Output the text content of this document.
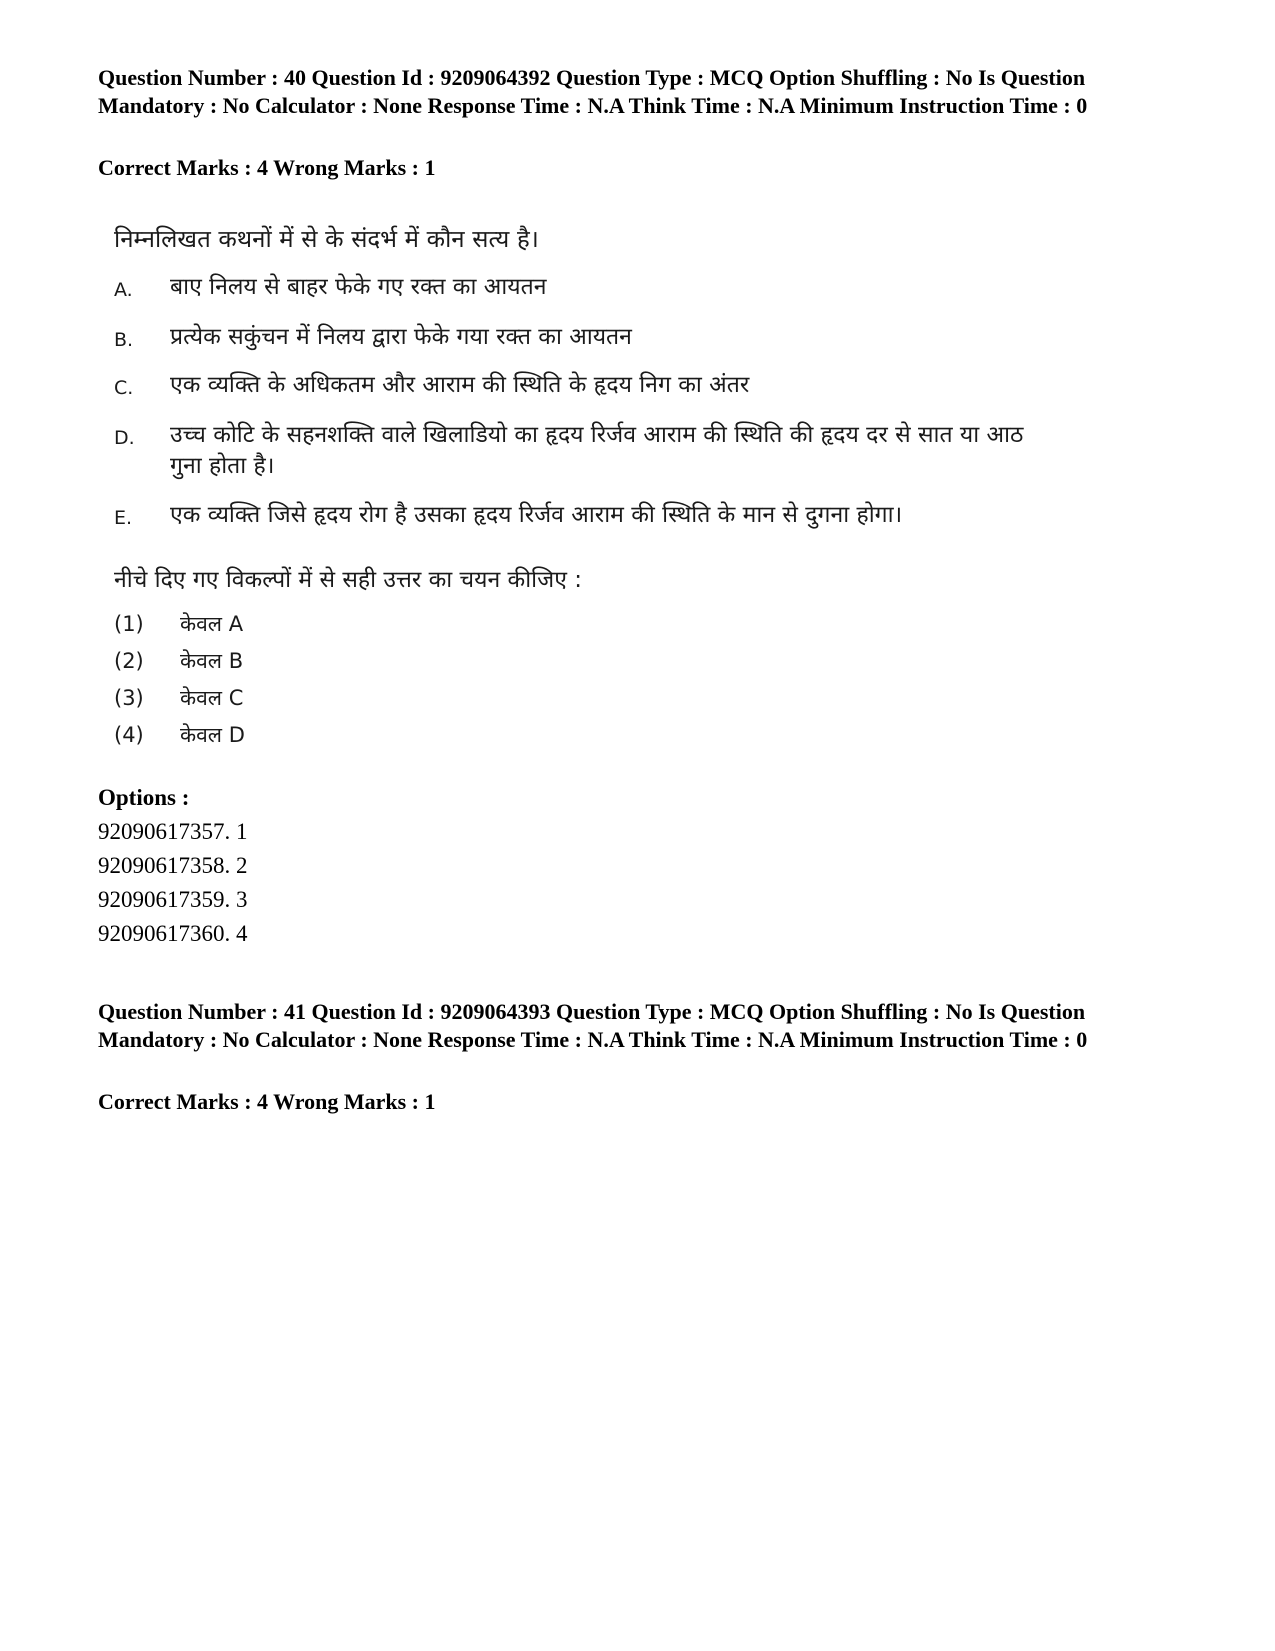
Question Number : 40 Question Id : 9209064392 Question Type : MCQ Option Shuffling : No Is Question Mandatory : No Calculator : None Response Time : N.A Think Time : N.A Minimum Instruction Time : 0
Correct Marks : 4 Wrong Marks : 1
निम्नलिखत कथनों में से के संदर्भ में कौन सत्य है।
A.	बाए निलय से बाहर फेके गए रक्त का आयतन
B.	प्रत्येक सकुंचन में निलय द्वारा फेके गया रक्त का आयतन
C.	एक व्यक्ति के अधिकतम और आराम की स्थिति के हृदय निग का अंतर
D.	उच्च कोटि के सहनशक्ति वाले खिलाडियो का हृदय रिर्जव आराम की स्थिति की हृदय दर से सात या आठ गुना होता है।
E.	एक व्यक्ति जिसे हृदय रोग है उसका हृदय रिर्जव आराम की स्थिति के मान से दुगना होगा।
नीचे दिए गए विकल्पों में से सही उत्तर का चयन कीजिए :
(1)	केवल A
(2)	केवल B
(3)	केवल C
(4)	केवल D
Options :
92090617357. 1
92090617358. 2
92090617359. 3
92090617360. 4
Question Number : 41 Question Id : 9209064393 Question Type : MCQ Option Shuffling : No Is Question Mandatory : No Calculator : None Response Time : N.A Think Time : N.A Minimum Instruction Time : 0
Correct Marks : 4 Wrong Marks : 1
